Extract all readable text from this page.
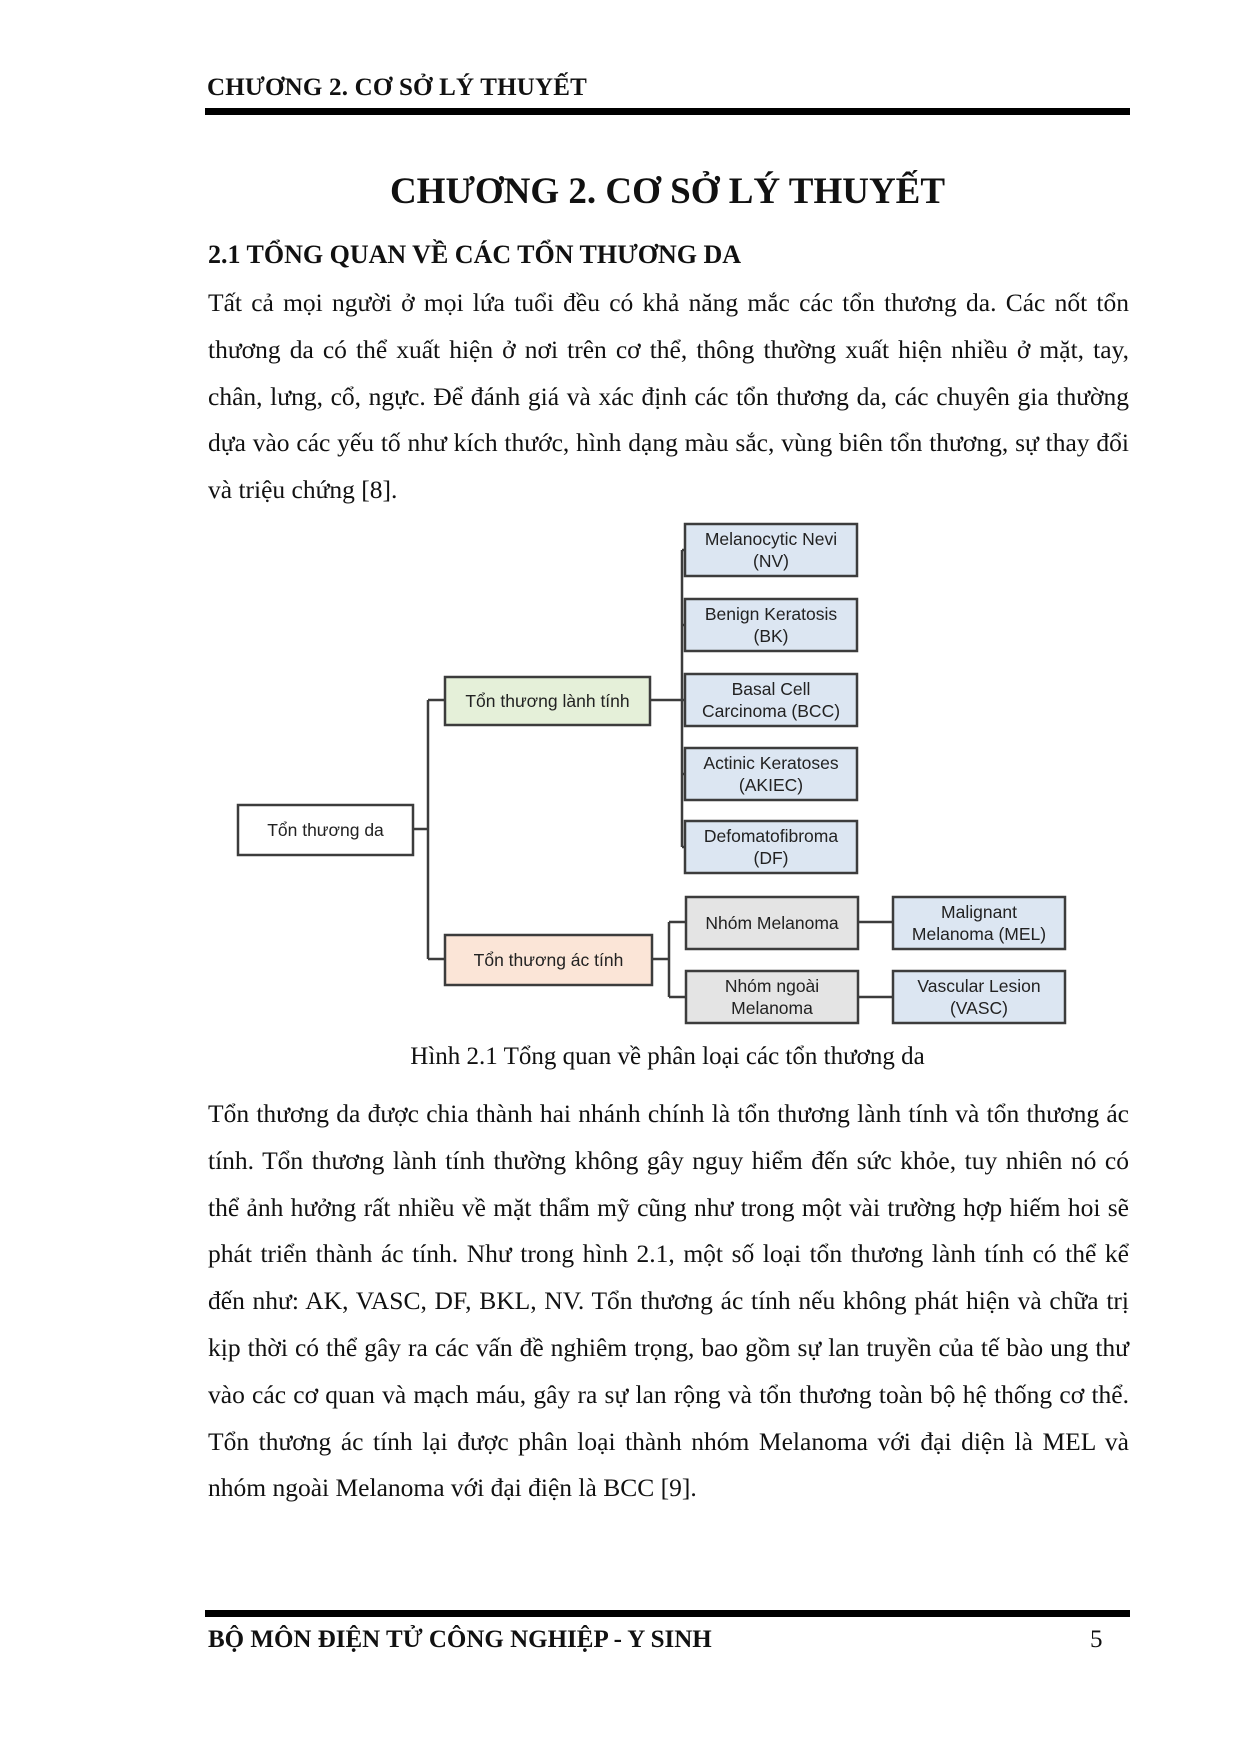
CHƯƠNG 2. CƠ SỞ LÝ THUYẾT
CHƯƠNG 2. CƠ SỞ LÝ THUYẾT
2.1 TỔNG QUAN VỀ CÁC TỔN THƯƠNG DA

Tất cả mọi người ở mọi lứa tuổi đều có khả năng mắc các tổn thương da. Các nốt tổn thương da có thể xuất hiện ở nơi trên cơ thể, thông thường xuất hiện nhiều ở mặt, tay, chân, lưng, cổ, ngực. Để đánh giá và xác định các tổn thương da, các chuyên gia thường dựa vào các yếu tố như kích thước, hình dạng màu sắc, vùng biên tổn thương, sự thay đổi và triệu chứng [8].

Tổn thương da
Tổn thương lành tính
Tổn thương ác tính
Melanocytic Nevi
(NV)
Benign Keratosis
(BK)
Basal Cell
Carcinoma (BCC)
Actinic Keratoses
(AKIEC)
Defomatofibroma
(DF)
Nhóm Melanoma
Nhóm ngoài
Melanoma
Malignant
Melanoma (MEL)
Vascular Lesion
(VASC)
Hình 2.1 Tổng quan về phân loại các tổn thương da

Tổn thương da được chia thành hai nhánh chính là tổn thương lành tính và tổn thương ác tính. Tổn thương lành tính thường không gây nguy hiểm đến sức khỏe, tuy nhiên nó có thể ảnh hưởng rất nhiều về mặt thẩm mỹ cũng như trong một vài trường hợp hiếm hoi sẽ phát triển thành ác tính. Như trong hình 2.1, một số loại tổn thương lành tính có thể kể đến như: AK, VASC, DF, BKL, NV. Tổn thương ác tính nếu không phát hiện và chữa trị kịp thời có thể gây ra các vấn đề nghiêm trọng, bao gồm sự lan truyền của tế bào ung thư vào các cơ quan và mạch máu, gây ra sự lan rộng và tổn thương toàn bộ hệ thống cơ thể. Tổn thương ác tính lại được phân loại thành nhóm Melanoma với đại diện là MEL và nhóm ngoài Melanoma với đại điện là BCC [9].

BỘ MÔN ĐIỆN TỬ CÔNG NGHIỆP - Y SINH	5
